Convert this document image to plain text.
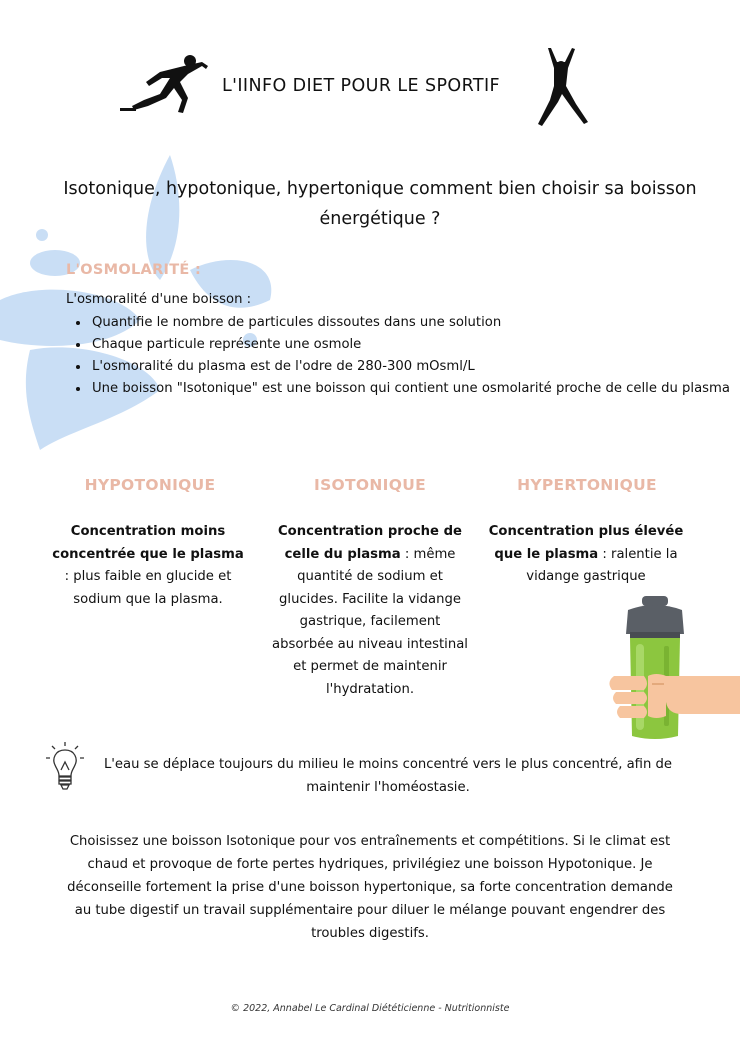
L'IINFO DIET POUR LE SPORTIF
Isotonique, hypotonique, hypertonique comment bien choisir sa boisson énergétique ?
L'OSMOLARITÉ :
L'osmoralité d'une boisson :
• Quantifie le nombre de particules dissoutes dans une solution
• Chaque particule représente une osmole
• L'osmoralité du plasma est de l'odre de 280-300 mOsml/L
• Une boisson "Isotonique" est une boisson qui contient une osmolarité proche de celle du plasma
HYPOTONIQUE	ISOTONIQUE	HYPERTONIQUE
Concentration moins concentrée que le plasma : plus faible en glucide et sodium que la plasma.
Concentration proche de celle du plasma : même quantité de sodium et glucides. Facilite la vidange gastrique, facilement absorbée au niveau intestinal et permet de maintenir l'hydratation.
Concentration plus élevée que le plasma : ralentie la vidange gastrique
L'eau se déplace toujours du milieu le moins concentré vers le plus concentré, afin de maintenir l'homéostasie.
Choisissez une boisson Isotonique pour vos entraînements et compétitions. Si le climat est chaud et provoque de forte pertes hydriques, privilégiez une boisson Hypotonique. Je déconseille fortement la prise d'une boisson hypertonique, sa forte concentration demande au tube digestif un travail supplémentaire pour diluer le mélange pouvant engendrer des troubles digestifs.
© 2022, Annabel Le Cardinal Diététicienne - Nutritionniste
